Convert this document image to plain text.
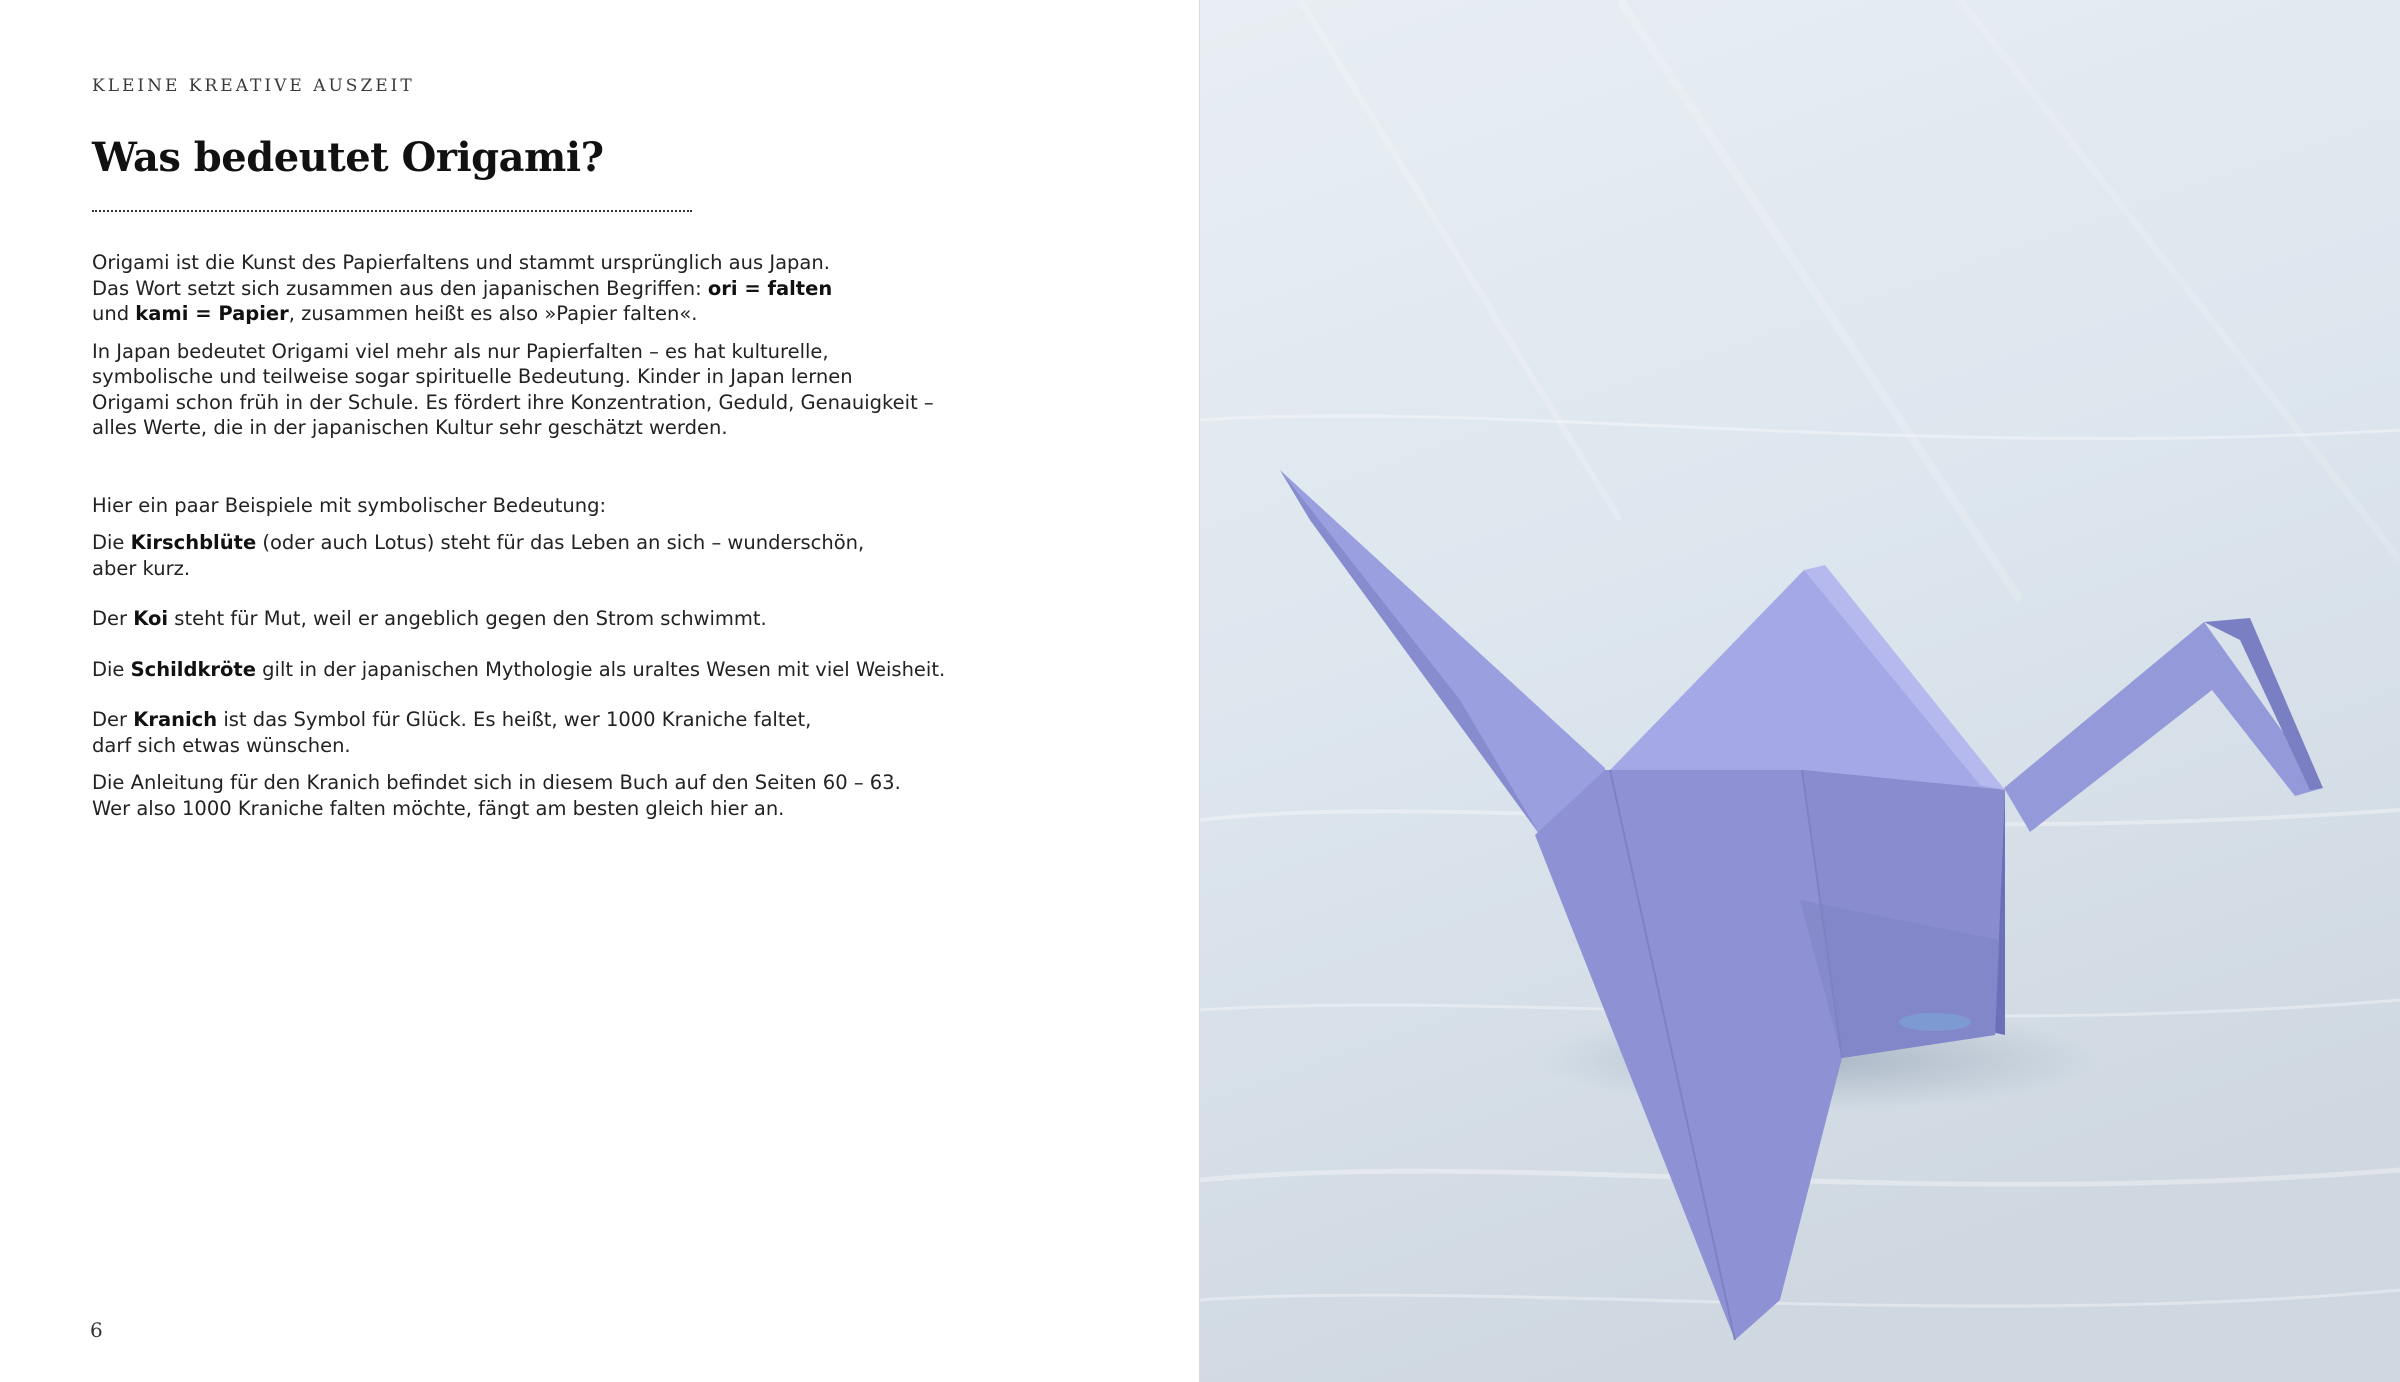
KLEINE KREATIVE AUSZEIT
Was bedeutet Origami?

Origami ist die Kunst des Papierfaltens und stammt ursprünglich aus Japan.
Das Wort setzt sich zusammen aus den japanischen Begriffen: ori = falten
und kami = Papier, zusammen heißt es also »Papier falten«.

In Japan bedeutet Origami viel mehr als nur Papierfalten – es hat kulturelle,
symbolische und teilweise sogar spirituelle Bedeutung. Kinder in Japan lernen
Origami schon früh in der Schule. Es fördert ihre Konzentration, Geduld, Genauigkeit –
alles Werte, die in der japanischen Kultur sehr geschätzt werden.

Hier ein paar Beispiele mit symbolischer Bedeutung:

Die Kirschblüte (oder auch Lotus) steht für das Leben an sich – wunderschön,
aber kurz.

Der Koi steht für Mut, weil er angeblich gegen den Strom schwimmt.

Die Schildkröte gilt in der japanischen Mythologie als uraltes Wesen mit viel Weisheit.

Der Kranich ist das Symbol für Glück. Es heißt, wer 1000 Kraniche faltet,
darf sich etwas wünschen.

Die Anleitung für den Kranich befindet sich in diesem Buch auf den Seiten 60 – 63.
Wer also 1000 Kraniche falten möchte, fängt am besten gleich hier an.

6
